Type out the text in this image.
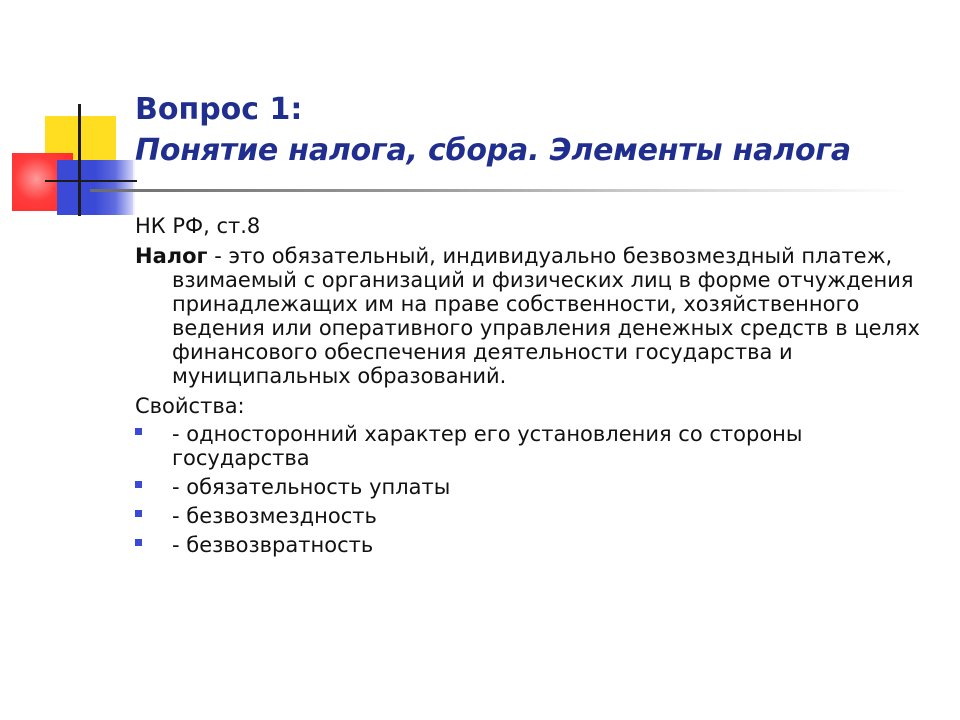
Вопрос 1:
Понятие налога, сбора. Элементы налога

НК РФ, ст.8

Налог - это обязательный, индивидуально безвозмездный платеж, взимаемый с организаций и физических лиц в форме отчуждения принадлежащих им на праве собственности, хозяйственного ведения или оперативного управления денежных средств в целях финансового обеспечения деятельности государства и муниципальных образований.

Свойства:

- односторонний характер его установления со стороны государства
- обязательность уплаты
- безвозмездность
- безвозвратность
